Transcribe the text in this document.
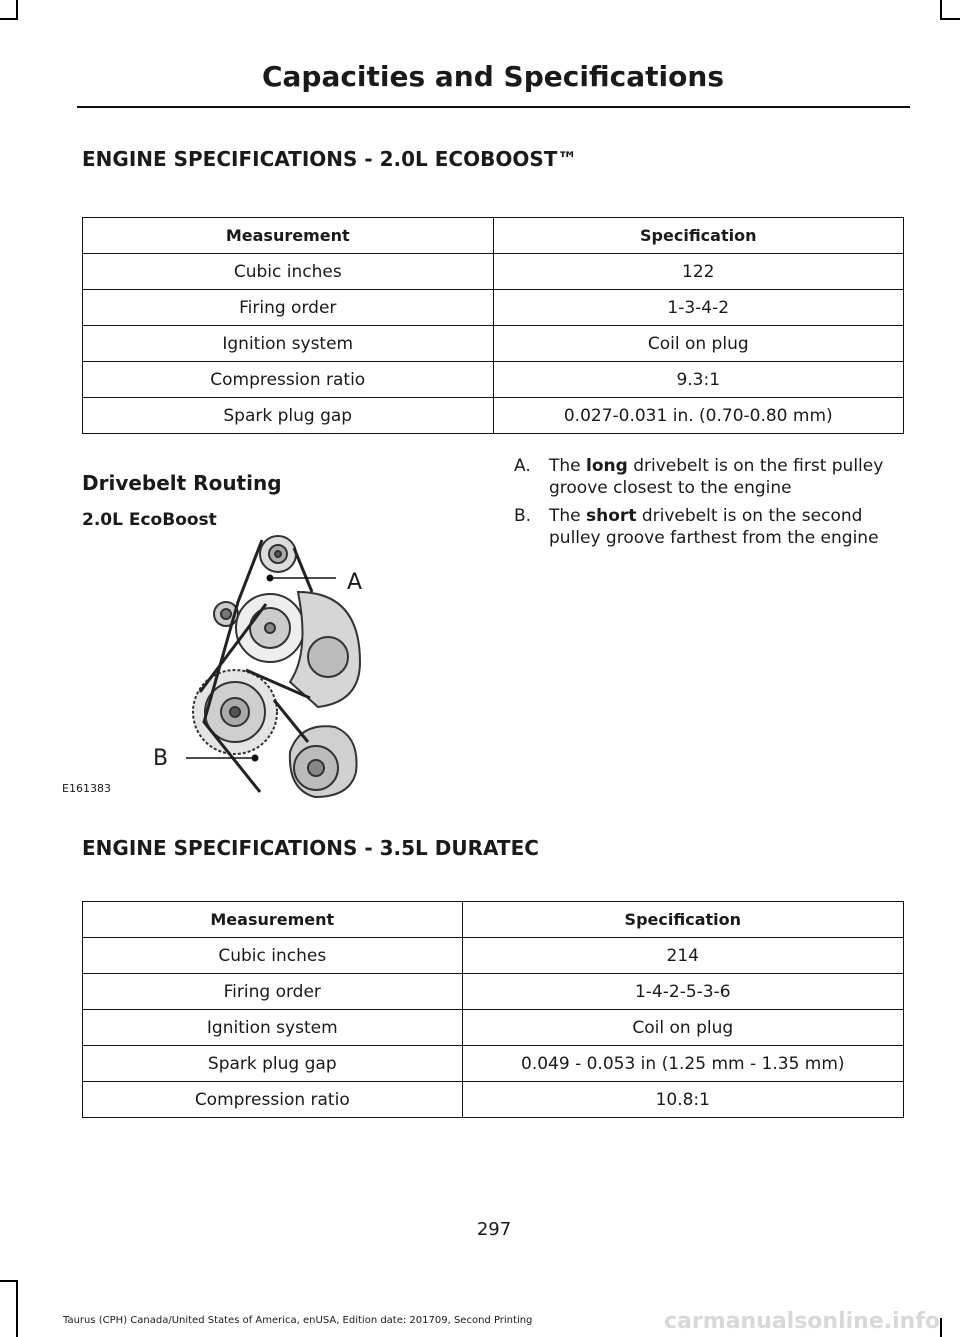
Capacities and Specifications
ENGINE SPECIFICATIONS - 2.0L ECOBOOST™
Measurement	Specification
Cubic inches	122
Firing order	1-3-4-2
Ignition system	Coil on plug
Compression ratio	9.3:1
Spark plug gap	0.027-0.031 in. (0.70-0.80 mm)
Drivebelt Routing
2.0L EcoBoost
A
B
E161383
A. The long drivebelt is on the first pulley groove closest to the engine
B. The short drivebelt is on the second pulley groove farthest from the engine
ENGINE SPECIFICATIONS - 3.5L DURATEC
Measurement	Specification
Cubic inches	214
Firing order	1-4-2-5-3-6
Ignition system	Coil on plug
Spark plug gap	0.049 - 0.053 in (1.25 mm - 1.35 mm)
Compression ratio	10.8:1
297
Taurus (CPH) Canada/United States of America, enUSA, Edition date: 201709, Second Printing	carmanualsonline.info
